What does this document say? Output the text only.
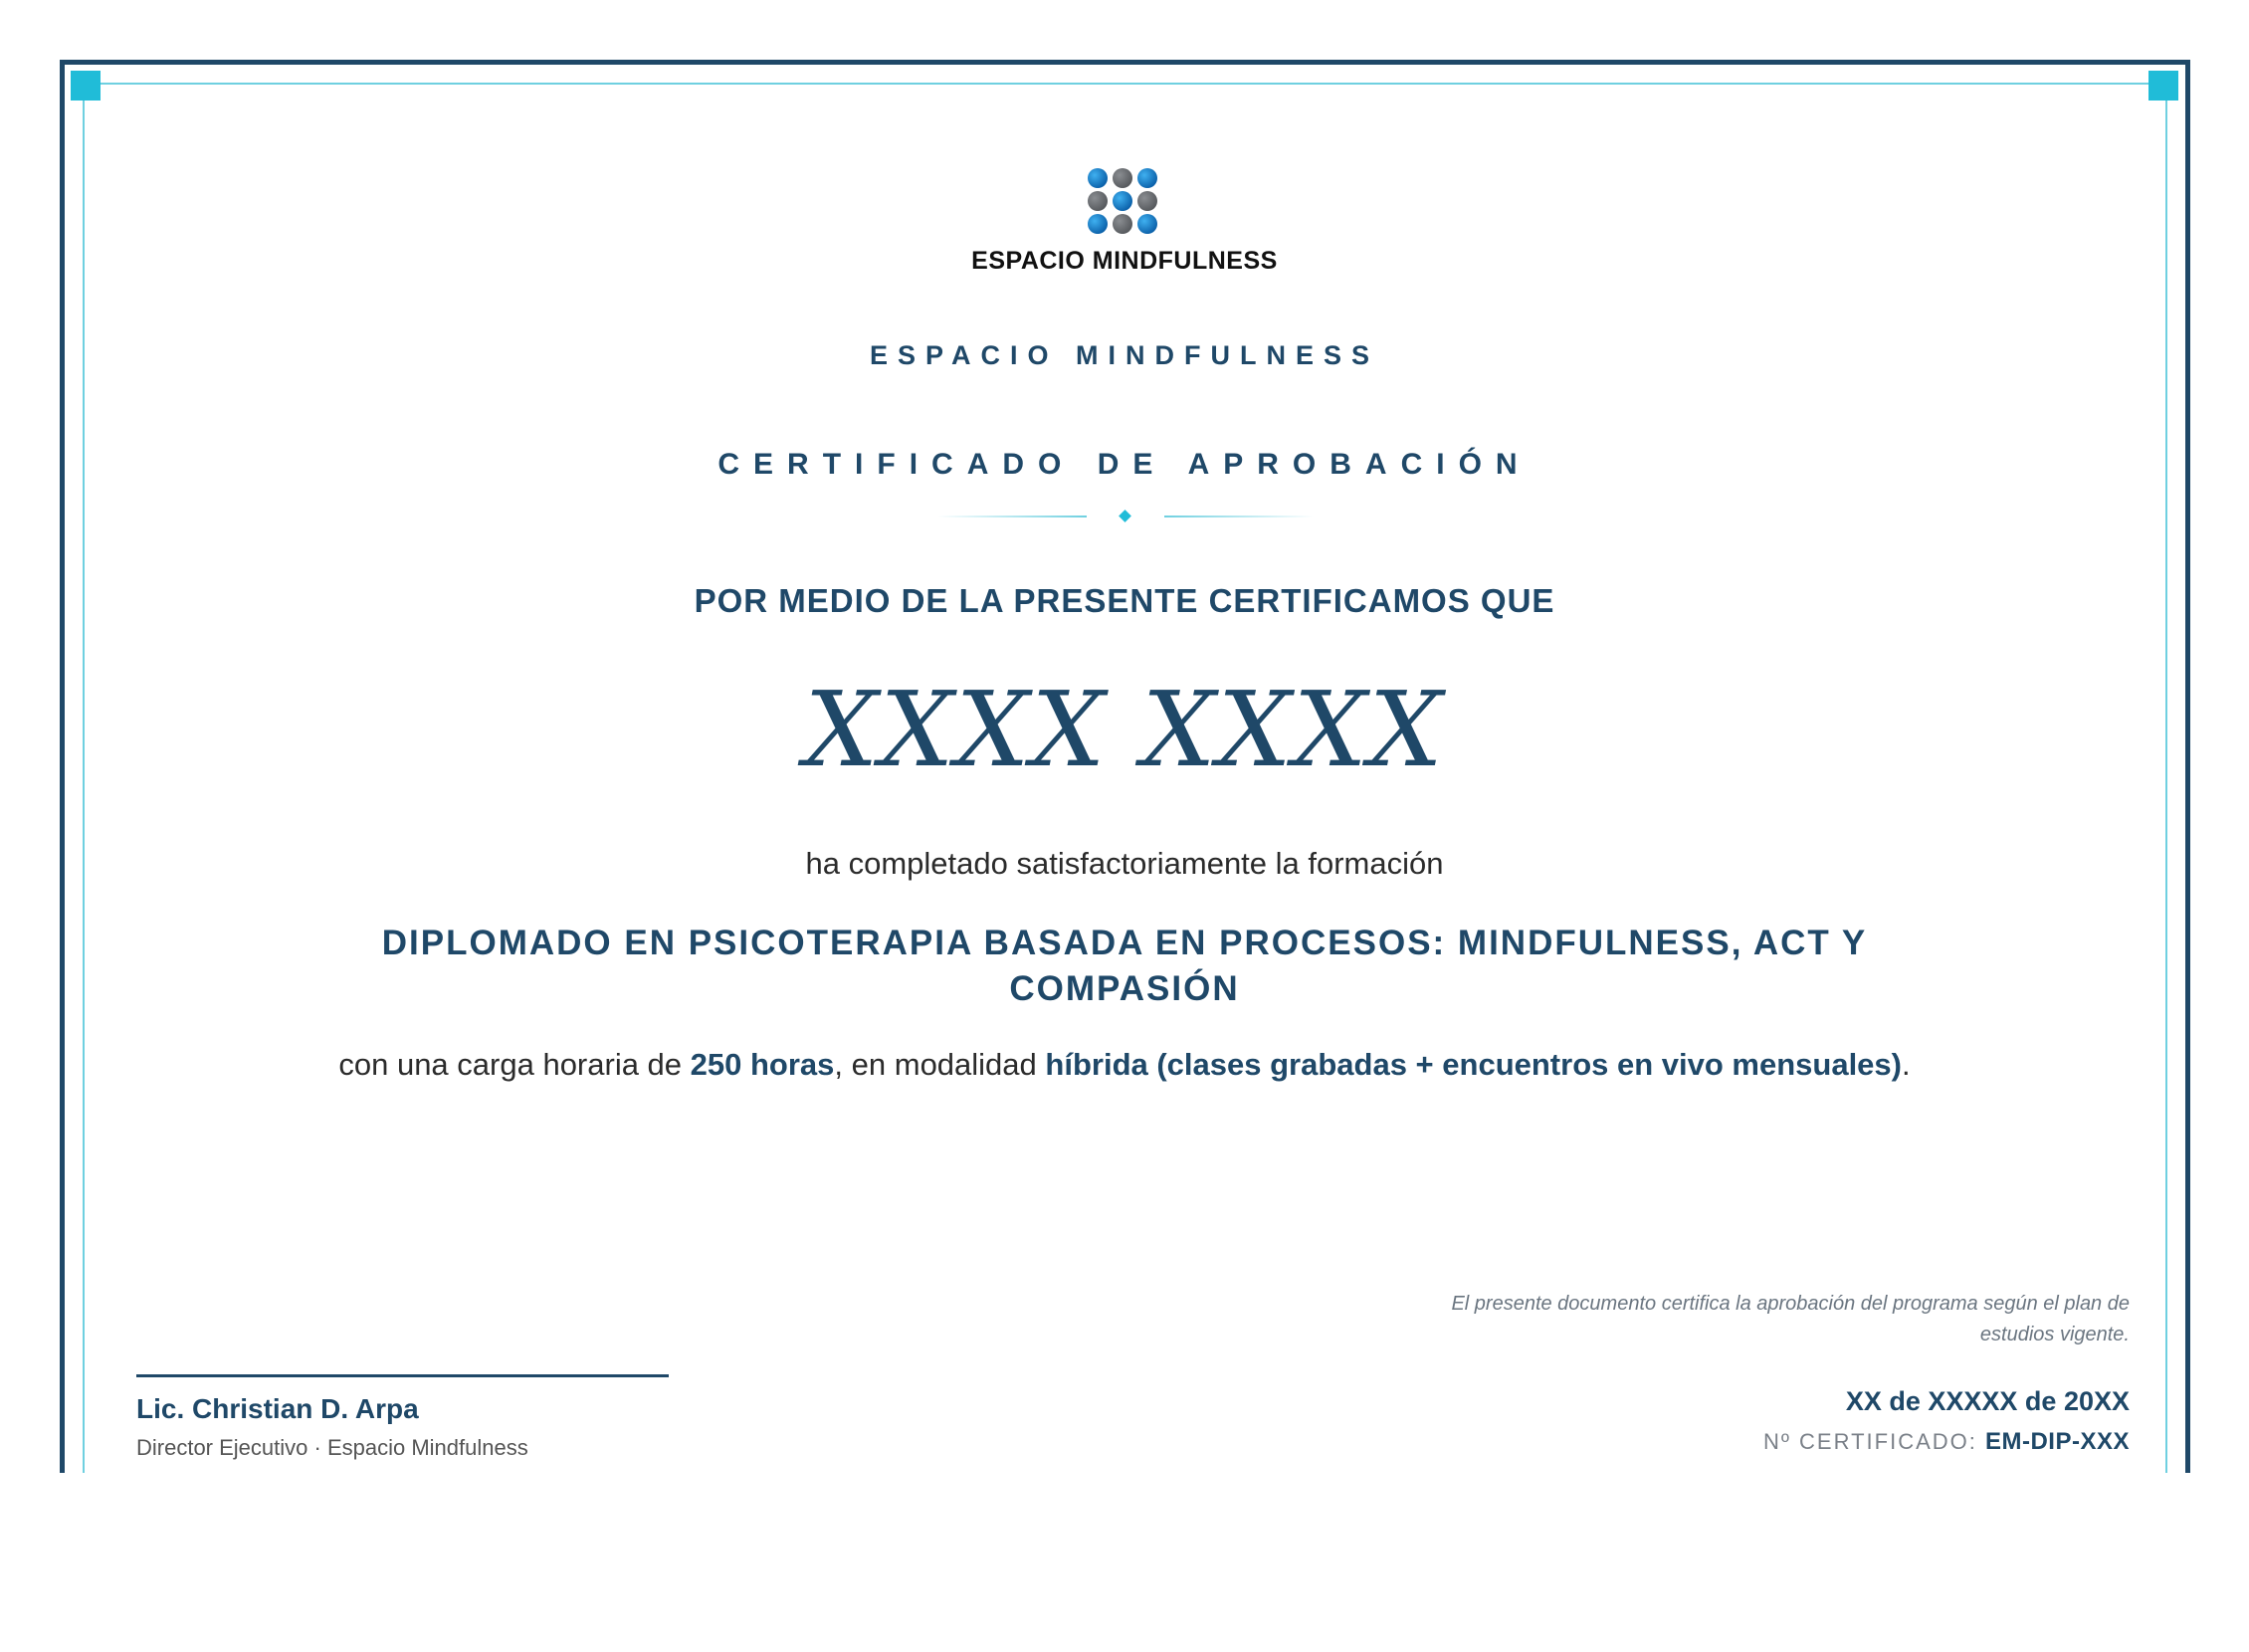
ESPACIO MINDFULNESS
ESPACIO MINDFULNESS
CERTIFICADO DE APROBACIÓN
POR MEDIO DE LA PRESENTE CERTIFICAMOS QUE
XXXX XXXX
ha completado satisfactoriamente la formación
DIPLOMADO EN PSICOTERAPIA BASADA EN PROCESOS: MINDFULNESS, ACT Y COMPASIÓN
con una carga horaria de 250 horas, en modalidad híbrida (clases grabadas + encuentros en vivo mensuales).
Lic. Christian D. Arpa
Director Ejecutivo · Espacio Mindfulness
El presente documento certifica la aprobación del programa según el plan de estudios vigente.
XX de XXXXX de 20XX
Nº CERTIFICADO: EM-DIP-XXX
